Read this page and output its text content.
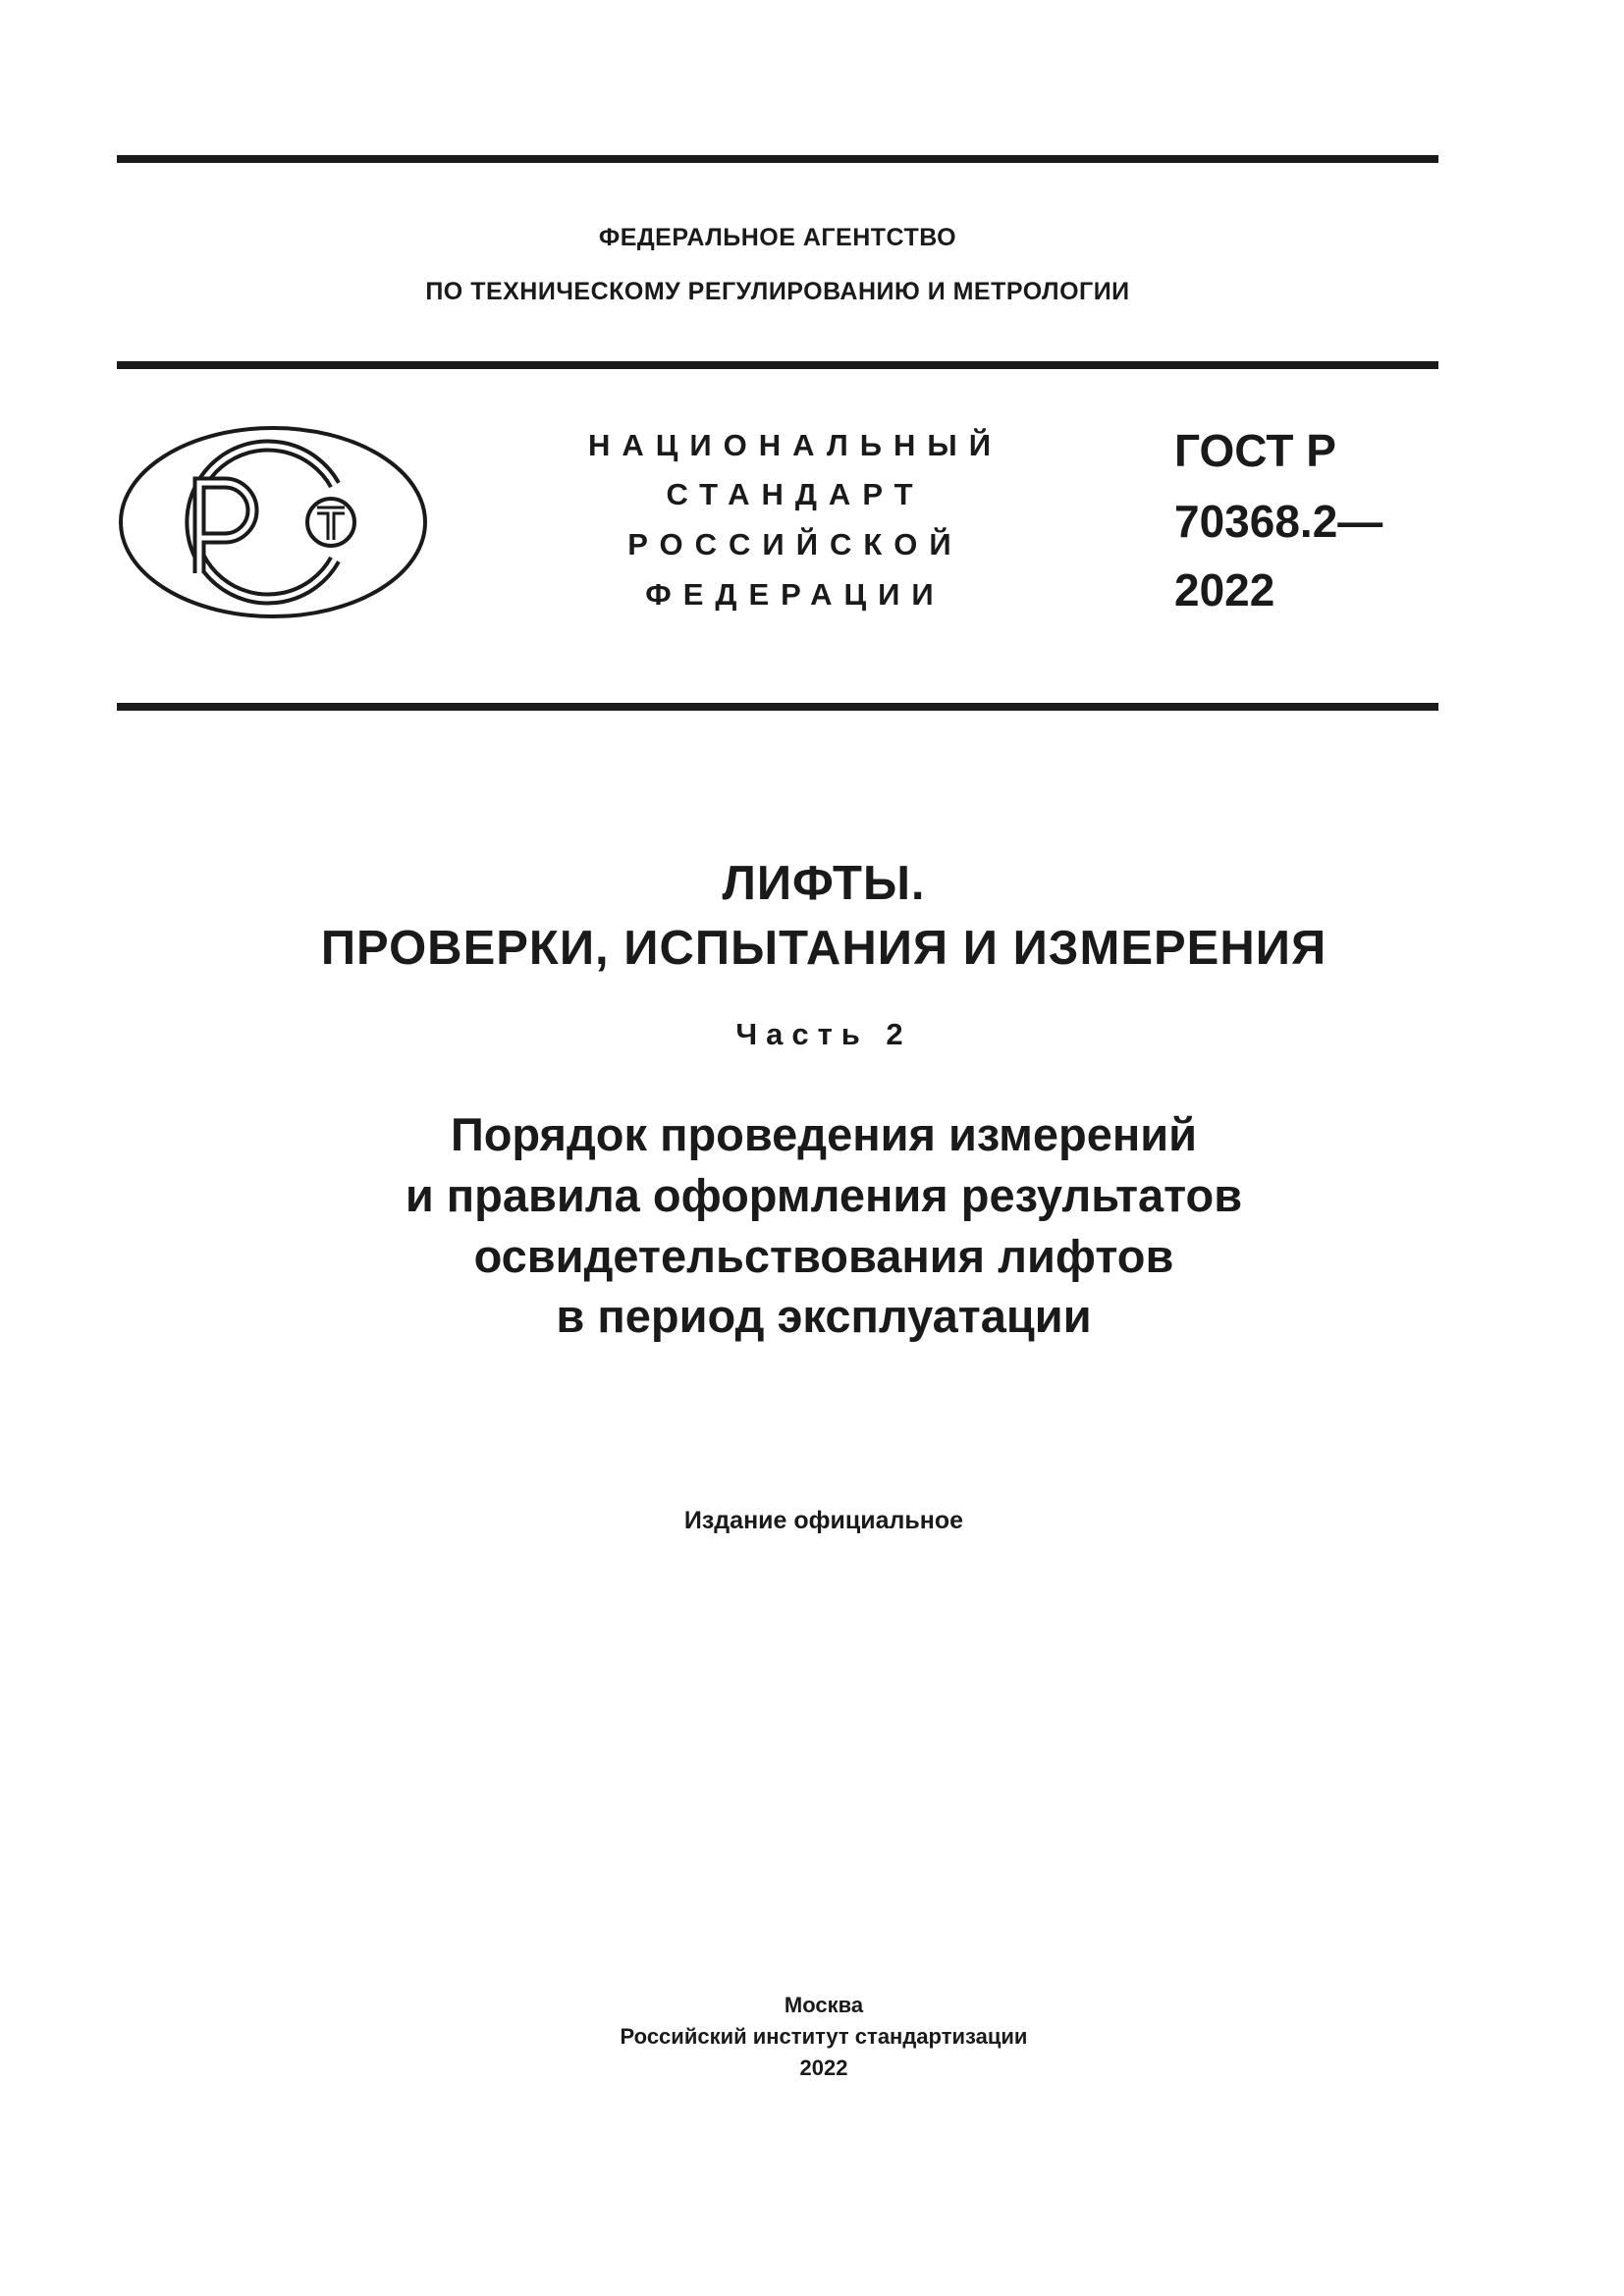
ФЕДЕРАЛЬНОЕ АГЕНТСТВО
ПО ТЕХНИЧЕСКОМУ РЕГУЛИРОВАНИЮ И МЕТРОЛОГИИ
НАЦИОНАЛЬНЫЙ
СТАНДАРТ
РОССИЙСКОЙ
ФЕДЕРАЦИИ
ГОСТ Р
70368.2—
2022
ЛИФТЫ.
ПРОВЕРКИ, ИСПЫТАНИЯ И ИЗМЕРЕНИЯ
Часть 2
Порядок проведения измерений
и правила оформления результатов
освидетельствования лифтов
в период эксплуатации
Издание официальное
Москва
Российский институт стандартизации
2022
